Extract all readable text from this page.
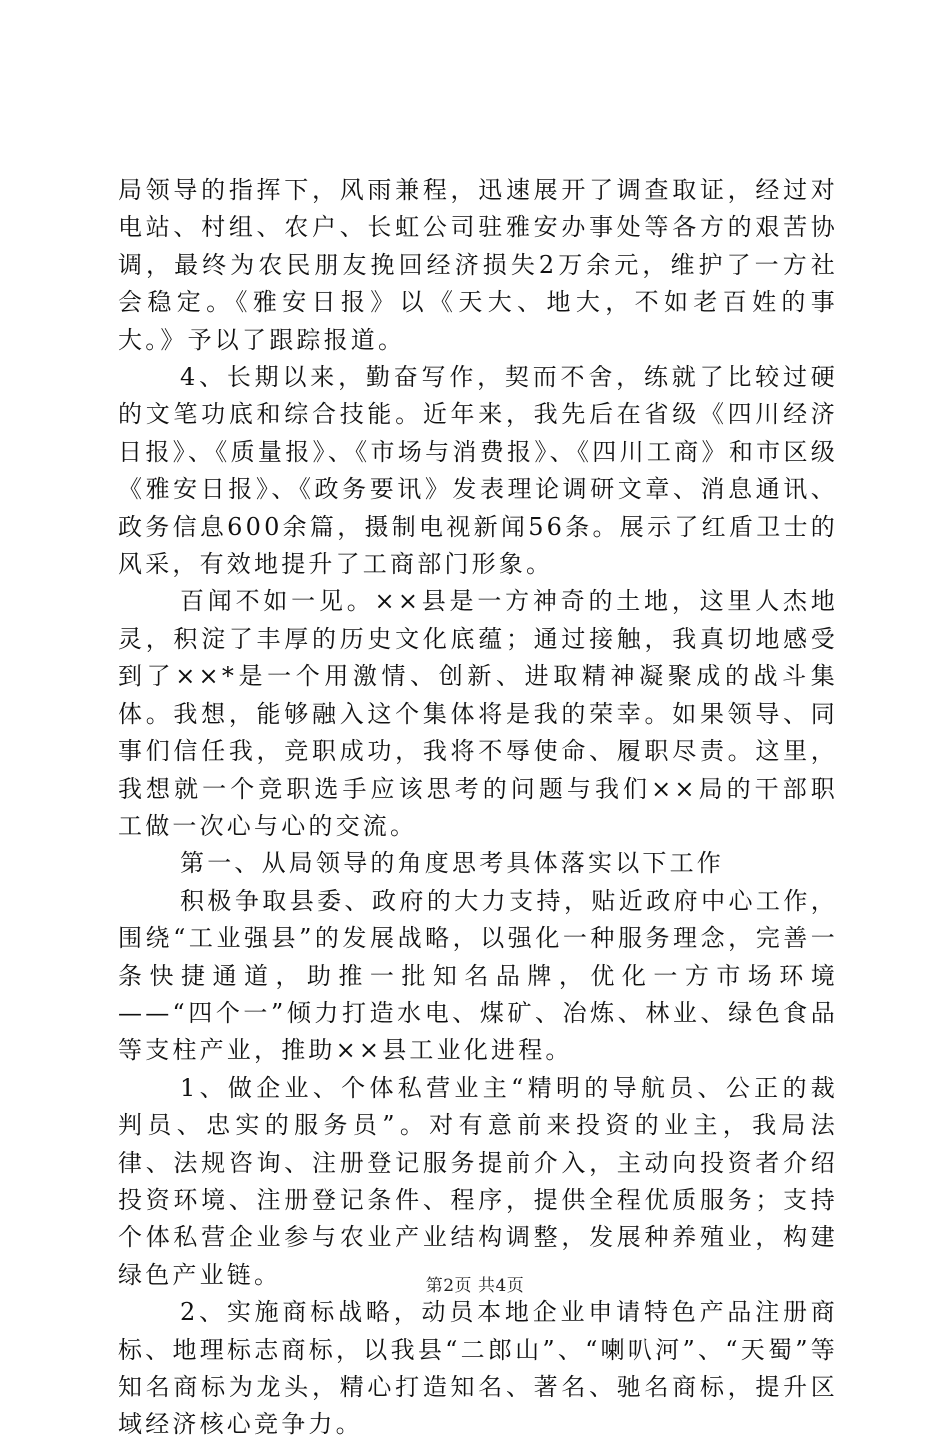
局领导的指挥下，风雨兼程，迅速展开了调查取证，经过对电站、村组、农户、长虹公司驻雅安办事处等各方的艰苦协调，最终为农民朋友挽回经济损失2万余元，维护了一方社会稳定。《雅安日报》以《天大、地大，不如老百姓的事大。》予以了跟踪报道。

4、长期以来，勤奋写作，契而不舍，练就了比较过硬的文笔功底和综合技能。近年来，我先后在省级《四川经济日报》、《质量报》、《市场与消费报》、《四川工商》和市区级《雅安日报》、《政务要讯》发表理论调研文章、消息通讯、政务信息600余篇，摄制电视新闻56条。展示了红盾卫士的风采，有效地提升了工商部门形象。

百闻不如一见。××县是一方神奇的土地，这里人杰地灵，积淀了丰厚的历史文化底蕴；通过接触，我真切地感受到了××*是一个用激情、创新、进取精神凝聚成的战斗集体。我想，能够融入这个集体将是我的荣幸。如果领导、同事们信任我，竞职成功，我将不辱使命、履职尽责。这里，我想就一个竞职选手应该思考的问题与我们××局的干部职工做一次心与心的交流。

第一、从局领导的角度思考具体落实以下工作

积极争取县委、政府的大力支持，贴近政府中心工作，围绕“工业强县”的发展战略，以强化一种服务理念，完善一条快捷通道，助推一批知名品牌，优化一方市场环境——“四个一”倾力打造水电、煤矿、冶炼、林业、绿色食品等支柱产业，推助××县工业化进程。

1、做企业、个体私营业主“精明的导航员、公正的裁判员、忠实的服务员”。对有意前来投资的业主，我局法律、法规咨询、注册登记服务提前介入，主动向投资者介绍投资环境、注册登记条件、程序，提供全程优质服务；支持个体私营企业参与农业产业结构调整，发展种养殖业，构建绿色产业链。

2、实施商标战略，动员本地企业申请特色产品注册商标、地理标志商标，以我县“二郎山”、“喇叭河”、“天蜀”等知名商标为龙头，精心打造知名、著名、驰名商标，提升区域经济核心竞争力。

第2页 共4页
